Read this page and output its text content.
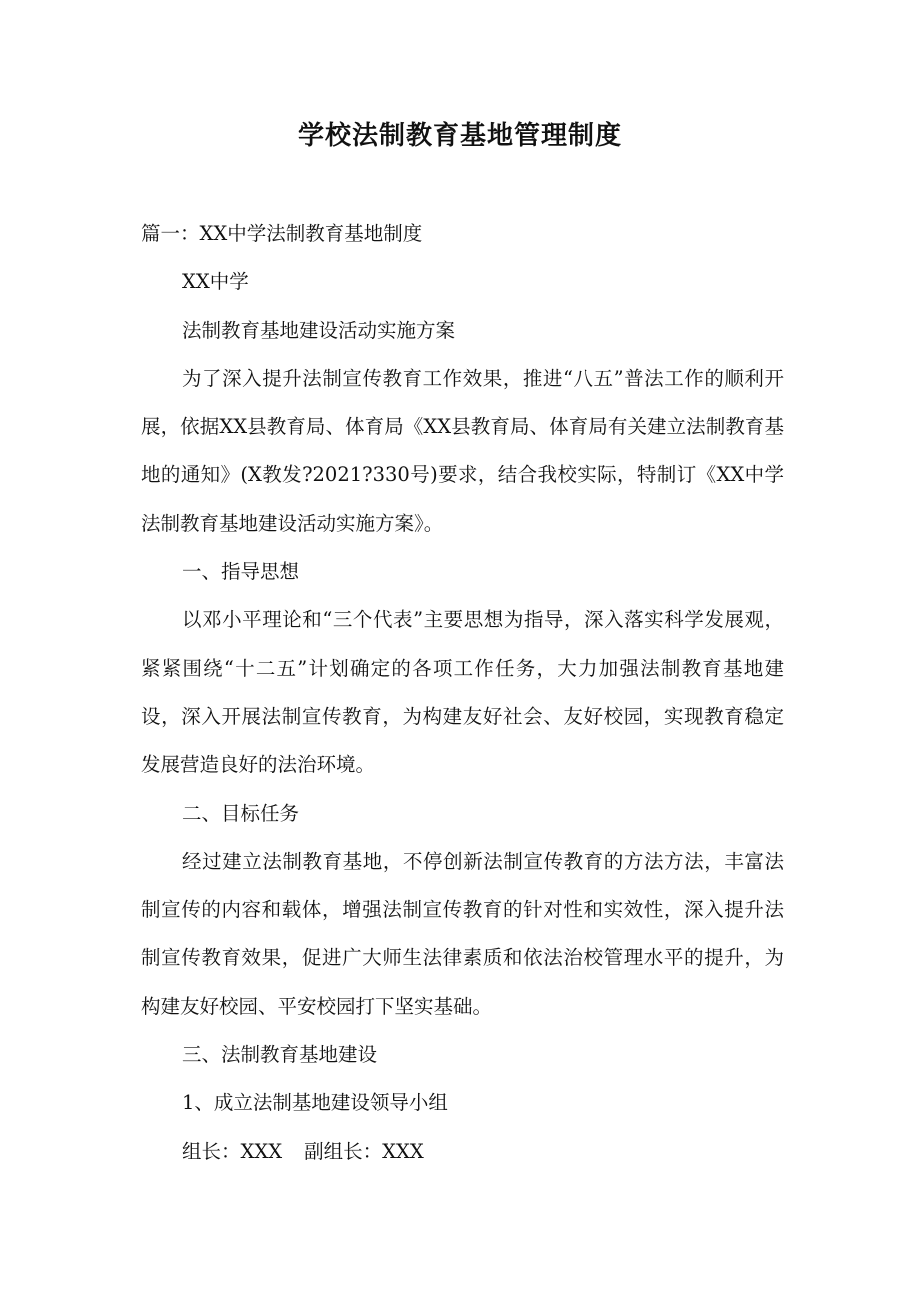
学校法制教育基地管理制度

篇一：XX中学法制教育基地制度

XX中学

法制教育基地建设活动实施方案

为了深入提升法制宣传教育工作效果，推进“八五”普法工作的顺利开展，依据XX县教育局、体育局《XX县教育局、体育局有关建立法制教育基地的通知》(X教发?2021?330号)要求，结合我校实际，特制订《XX中学法制教育基地建设活动实施方案》。

一、指导思想

以邓小平理论和“三个代表”主要思想为指导，深入落实科学发展观，紧紧围绕“十二五”计划确定的各项工作任务，大力加强法制教育基地建设，深入开展法制宣传教育，为构建友好社会、友好校园，实现教育稳定发展营造良好的法治环境。

二、目标任务

经过建立法制教育基地，不停创新法制宣传教育的方法方法，丰富法制宣传的内容和载体，增强法制宣传教育的针对性和实效性，深入提升法制宣传教育效果，促进广大师生法律素质和依法治校管理水平的提升，为构建友好校园、平安校园打下坚实基础。

三、法制教育基地建设

1、成立法制基地建设领导小组

组长：XXX 副组长：XXX
